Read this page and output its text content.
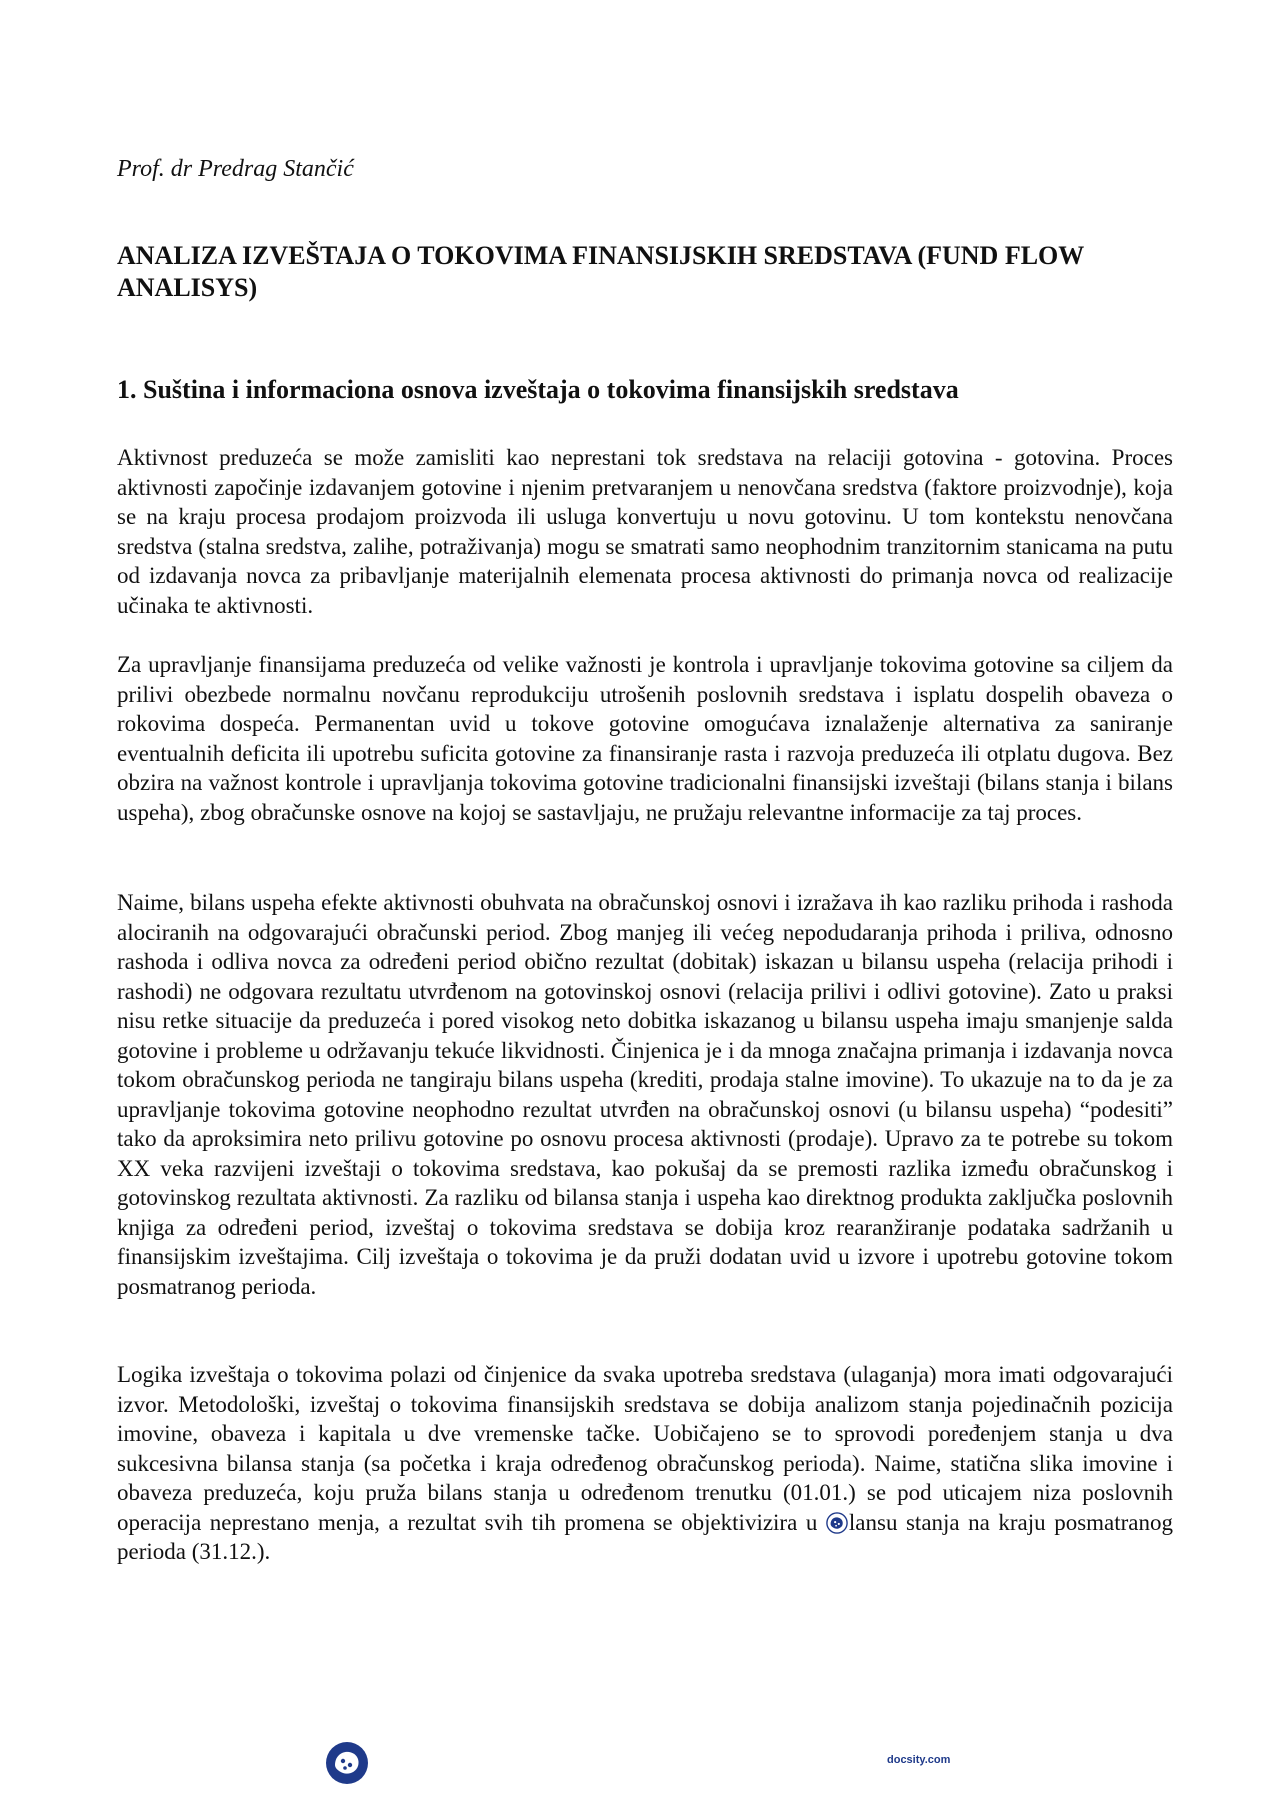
Prof. dr Predrag Stančić
ANALIZA IZVEŠTAJA O TOKOVIMA FINANSIJSKIH SREDSTAVA (FUND FLOW ANALISYS)
1. Suština i informaciona osnova izveštaja o tokovima finansijskih sredstava

Aktivnost preduzeća se može zamisliti kao neprestani tok sredstava na relaciji gotovina - gotovina. Proces aktivnosti započinje izdavanjem gotovine i njenim pretvaranjem u nenovčana sredstva (faktore proizvodnje), koja se na kraju procesa prodajom proizvoda ili usluga konvertuju u novu gotovinu. U tom kontekstu nenovčana sredstva (stalna sredstva, zalihe, potraživanja) mogu se smatrati samo neophodnim tranzitornim stanicama na putu od izdavanja novca za pribavljanje materijalnih elemenata procesa aktivnosti do primanja novca od realizacije učinaka te aktivnosti.

Za upravljanje finansijama preduzeća od velike važnosti je kontrola i upravljanje tokovima gotovine sa ciljem da prilivi obezbede normalnu novčanu reprodukciju utrošenih poslovnih sredstava i isplatu dospelih obaveza o rokovima dospeća. Permanentan uvid u tokove gotovine omogućava iznalaženje alternativa za saniranje eventualnih deficita ili upotrebu suficita gotovine za finansiranje rasta i razvoja preduzeća ili otplatu dugova. Bez obzira na važnost kontrole i upravljanja tokovima gotovine tradicionalni finansijski izveštaji (bilans stanja i bilans uspeha), zbog obračunske osnove na kojoj se sastavljaju, ne pružaju relevantne informacije za taj proces.

Naime, bilans uspeha efekte aktivnosti obuhvata na obračunskoj osnovi i izražava ih kao razliku prihoda i rashoda alociranih na odgovarajući obračunski period. Zbog manjeg ili većeg nepodudaranja prihoda i priliva, odnosno rashoda i odliva novca za određeni period obično rezultat (dobitak) iskazan u bilansu uspeha (relacija prihodi i rashodi) ne odgovara rezultatu utvrđenom na gotovinskoj osnovi (relacija prilivi i odlivi gotovine). Zato u praksi nisu retke situacije da preduzeća i pored visokog neto dobitka iskazanog u bilansu uspeha imaju smanjenje salda gotovine i probleme u održavanju tekuće likvidnosti. Činjenica je i da mnoga značajna primanja i izdavanja novca tokom obračunskog perioda ne tangiraju bilans uspeha (krediti, prodaja stalne imovine). To ukazuje na to da je za upravljanje tokovima gotovine neophodno rezultat utvrđen na obračunskoj osnovi (u bilansu uspeha) “podesiti” tako da aproksimira neto prilivu gotovine po osnovu procesa aktivnosti (prodaje). Upravo za te potrebe su tokom XX veka razvijeni izveštaji o tokovima sredstava, kao pokušaj da se premosti razlika između obračunskog i gotovinskog rezultata aktivnosti. Za razliku od bilansa stanja i uspeha kao direktnog produkta zaključka poslovnih knjiga za određeni period, izveštaj o tokovima sredstava se dobija kroz rearanžiranje podataka sadržanih u finansijskim izveštajima. Cilj izveštaja o tokovima je da pruži dodatan uvid u izvore i upotrebu gotovine tokom posmatranog perioda.

Logika izveštaja o tokovima polazi od činjenice da svaka upotreba sredstava (ulaganja) mora imati odgovarajući izvor. Metodološki, izveštaj o tokovima finansijskih sredstava se dobija analizom stanja pojedinačnih pozicija imovine, obaveza i kapitala u dve vremenske tačke. Uobičajeno se to sprovodi poređenjem stanja u dva sukcesivna bilansa stanja (sa početka i kraja određenog obračunskog perioda). Naime, statična slika imovine i obaveza preduzeća, koju pruža bilans stanja u određenom trenutku (01.01.) se pod uticajem niza poslovnih operacija neprestano menja, a rezultat svih tih promena se objektivizira u lansu stanja na kraju posmatranog perioda (31.12.).

docsity.com
